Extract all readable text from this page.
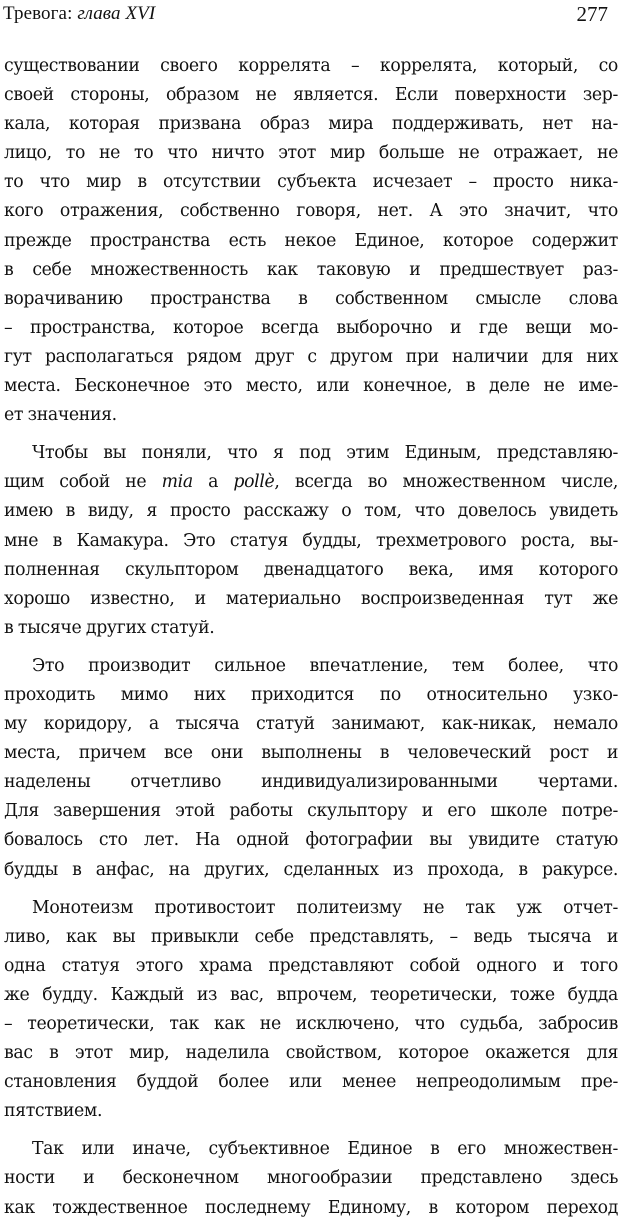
Тревога: глава XVI	277
существовании своего коррелята – коррелята, который, со
своей стороны, образом не является. Если поверхности зер-
кала, которая призвана образ мира поддерживать, нет на-
лицо, то не то что ничто этот мир больше не отражает, не
то что мир в отсутствии субъекта исчезает – просто ника-
кого отражения, собственно говоря, нет. А это значит, что
прежде пространства есть некое Единое, которое содержит
в себе множественность как таковую и предшествует раз-
ворачиванию пространства в собственном смысле слова
– пространства, которое всегда выборочно и где вещи мо-
гут располагаться рядом друг с другом при наличии для них
места. Бесконечное это место, или конечное, в деле не име-
ет значения.
Чтобы вы поняли, что я под этим Единым, представляю-
щим собой не mia a pollè, всегда во множественном числе,
имею в виду, я просто расскажу о том, что довелось увидеть
мне в Камакура. Это статуя будды, трехметрового роста, вы-
полненная скульптором двенадцатого века, имя которого
хорошо известно, и материально воспроизведенная тут же
в тысяче других статуй.
Это производит сильное впечатление, тем более, что
проходить мимо них приходится по относительно узко-
му коридору, а тысяча статуй занимают, как-никак, немало
места, причем все они выполнены в человеческий рост и
наделены отчетливо индивидуализированными чертами.
Для завершения этой работы скульптору и его школе потре-
бовалось сто лет. На одной фотографии вы увидите статую
будды в анфас, на других, сделанных из прохода, в ракурсе.
Монотеизм противостоит политеизму не так уж отчет-
ливо, как вы привыкли себе представлять, – ведь тысяча и
одна статуя этого храма представляют собой одного и того
же будду. Каждый из вас, впрочем, теоретически, тоже будда
– теоретически, так как не исключено, что судьба, забросив
вас в этот мир, наделила свойством, которое окажется для
становления буддой более или менее непреодолимым пре-
пятствием.
Так или иначе, субъективное Единое в его множествен-
ности и бесконечном многообразии представлено здесь
как тождественное последнему Единому, в котором переход
